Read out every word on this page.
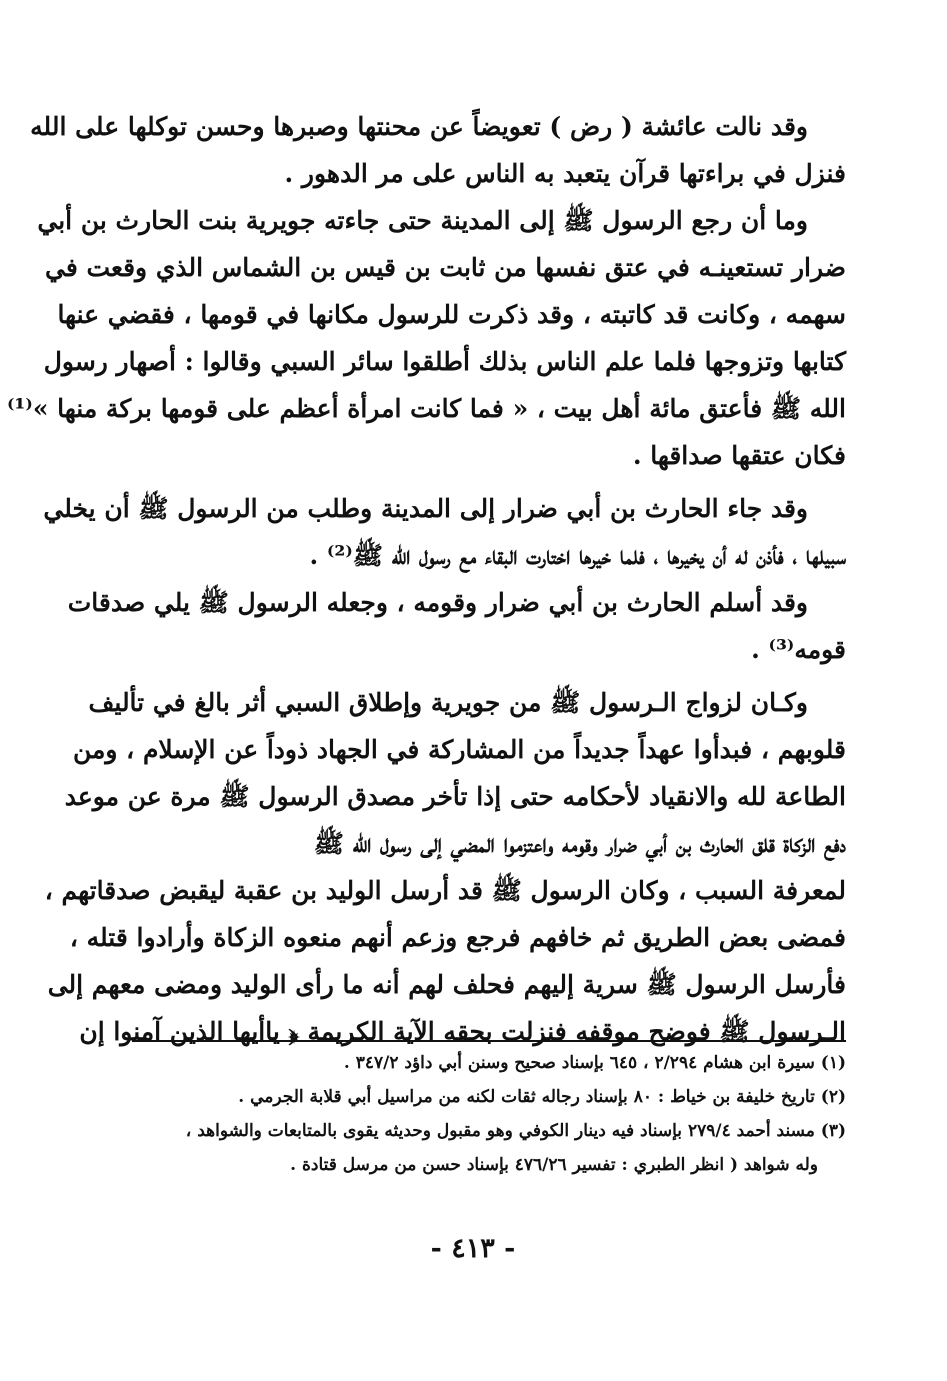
وقد نالت عائشة ( رض ) تعويضاً عن محنتها وصبرها وحسن توكلها على الله
فنزل في براءتها قرآن يتعبد به الناس على مر الدهور .
وما أن رجع الرسول ﷺ إلى المدينة حتى جاءته جويرية بنت الحارث بن أبي
ضرار تستعينـه في عتق نفسها من ثابت بن قيس بن الشماس الذي وقعت في
سهمه ، وكانت قد كاتبته ، وقد ذكرت للرسول مكانها في قومها ، فقضي عنها
كتابها وتزوجها فلما علم الناس بذلك أطلقوا سائر السبي وقالوا : أصهار رسول
الله ﷺ فأعتق مائة أهل بيت ، « فما كانت امرأة أعظم على قومها بركة منها »⁽¹⁾
فكان عتقها صداقها .
وقد جاء الحارث بن أبي ضرار إلى المدينة وطلب من الرسول ﷺ أن يخلي
سبيلها ، فأذن له أن يخيرها ، فلما خيرها اختارت البقاء مع رسول الله ﷺ⁽²⁾ .
وقد أسلم الحارث بن أبي ضرار وقومه ، وجعله الرسول ﷺ يلي صدقات
قومه⁽³⁾ .
وكـان لزواج الـرسول ﷺ من جويرية وإطلاق السبي أثر بالغ في تأليف
قلوبهم ، فبدأوا عهداً جديداً من المشاركة في الجهاد ذوداً عن الإسلام ، ومن
الطاعة لله والانقياد لأحكامه حتى إذا تأخر مصدق الرسول ﷺ مرة عن موعد
دفع الزكاة قلق الحارث بن أبي ضرار وقومه واعتزموا المضي إلى رسول الله ﷺ
لمعرفة السبب ، وكان الرسول ﷺ قد أرسل الوليد بن عقبة ليقبض صدقاتهم ،
فمضى بعض الطريق ثم خافهم فرجع وزعم أنهم منعوه الزكاة وأرادوا قتله ،
فأرسل الرسول ﷺ سرية إليهم فحلف لهم أنه ما رأى الوليد ومضى معهم إلى
الـرسول ﷺ فوضح موقفه فنزلت بحقه الآية الكريمة ﴿ ياأيها الذين آمنوا إن
(١) سيرة ابن هشام ٢/٢٩٤ ، ٦٤٥ بإسناد صحيح وسنن أبي داؤد ٣٤٧/٢ .
(٢) تاريخ خليفة بن خياط : ٨٠ بإسناد رجاله ثقات لكنه من مراسيل أبي قلابة الجرمي .
(٣) مسند أحمد ٢٧٩/٤ بإسناد فيه دينار الكوفي وهو مقبول وحديثه يقوى بالمتابعات والشواهد ،
وله شواهد ( انظر الطبري : تفسير ٤٧٦/٢٦ بإسناد حسن من مرسل قتادة .
- ٤١٣ -
